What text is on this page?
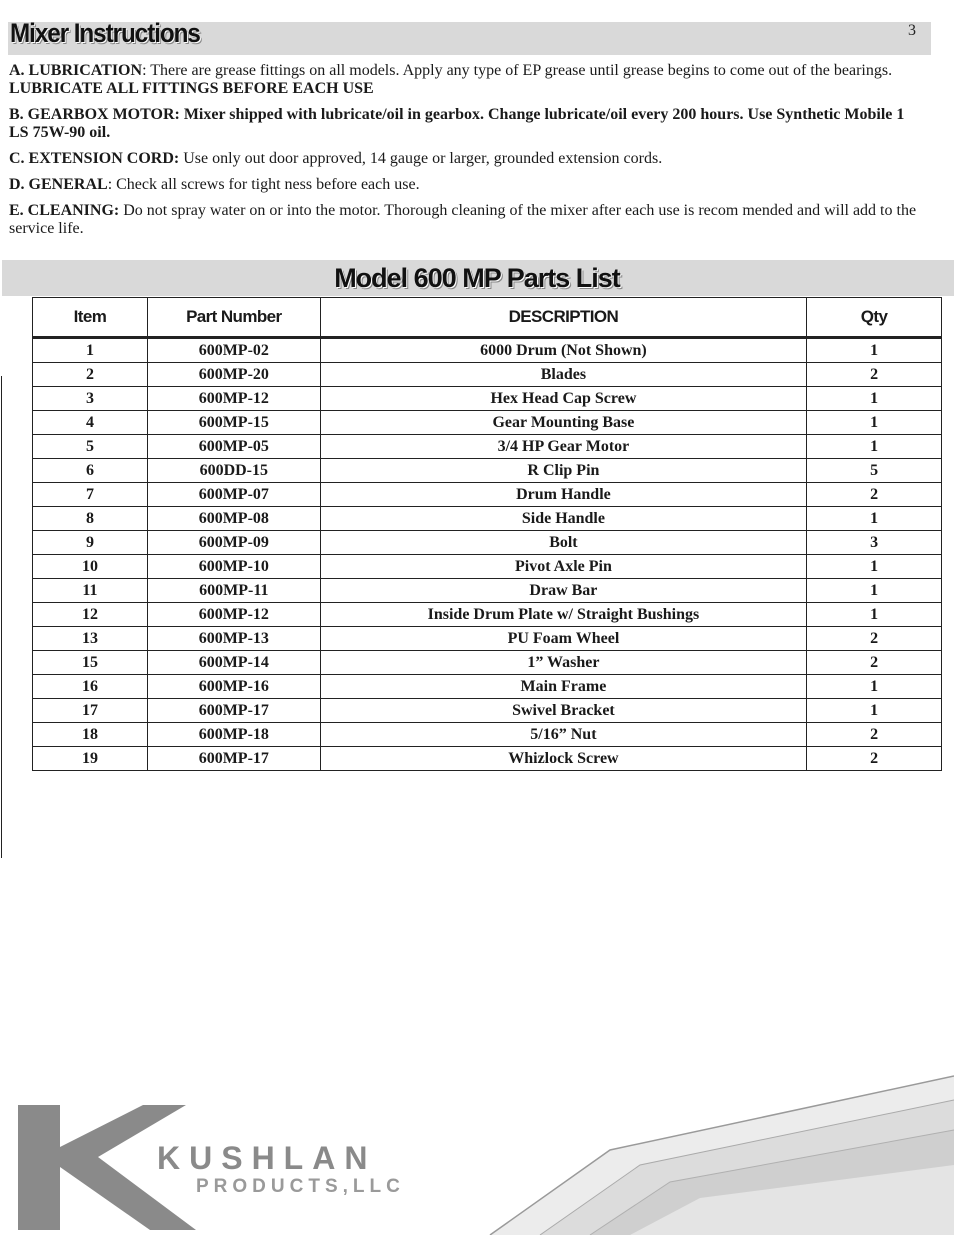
Mixer Instructions	3

A. LUBRICATION: There are grease fittings on all models. Apply any type of EP grease until grease begins to come out of the bearings. LUBRICATE ALL FITTINGS BEFORE EACH USE

B. GEARBOX MOTOR: Mixer shipped with lubricate/oil in gearbox. Change lubricate/oil every 200 hours. Use Synthetic Mobile 1 LS 75W-90 oil.

C. EXTENSION CORD: Use only out door approved, 14 gauge or larger, grounded extension cords.

D. GENERAL: Check all screws for tight ness before each use.

E. CLEANING: Do not spray water on or into the motor. Thorough cleaning of the mixer after each use is recom mended and will add to the service life.

Model 600 MP Parts List
Item	Part Number	DESCRIPTION	Qty
1	600MP-02	6000 Drum (Not Shown)	1
2	600MP-20	Blades	2
3	600MP-12	Hex Head Cap Screw	1
4	600MP-15	Gear Mounting Base	1
5	600MP-05	3/4 HP Gear Motor	1
6	600DD-15	R Clip Pin	5
7	600MP-07	Drum Handle	2
8	600MP-08	Side Handle	1
9	600MP-09	Bolt	3
10	600MP-10	Pivot Axle Pin	1
11	600MP-11	Draw Bar	1
12	600MP-12	Inside Drum Plate w/ Straight Bushings	1
13	600MP-13	PU Foam Wheel	2
15	600MP-14	1” Washer	2
16	600MP-16	Main Frame	1
17	600MP-17	Swivel Bracket	1
18	600MP-18	5/16” Nut	2
19	600MP-17	Whizlock Screw	2

KUSHLAN

PRODUCTS,LLC
